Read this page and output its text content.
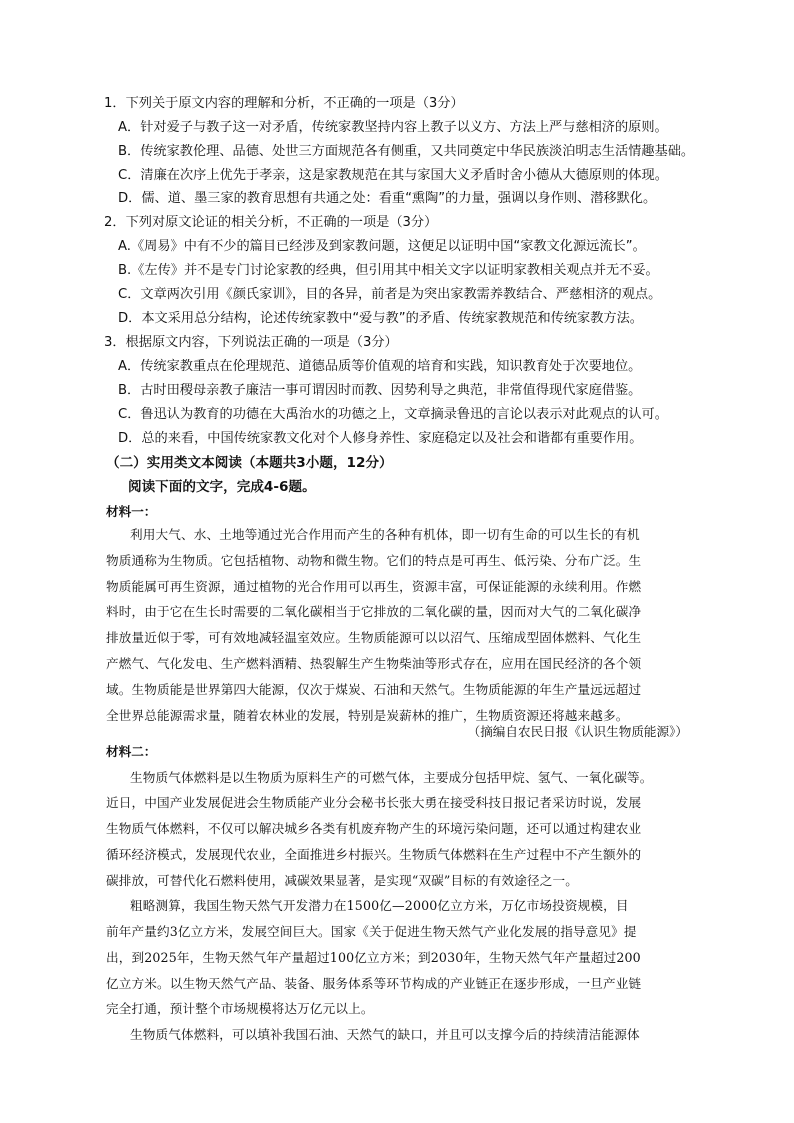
1．下列关于原文内容的理解和分析，不正确的一项是（3分）
A．针对爱子与教子这一对矛盾，传统家教坚持内容上教子以义方、方法上严与慈相济的原则。
B．传统家教伦理、品德、处世三方面规范各有侧重，又共同奠定中华民族淡泊明志生活情趣基础。
C．清廉在次序上优先于孝亲，这是家教规范在其与家国大义矛盾时舍小德从大德原则的体现。
D．儒、道、墨三家的教育思想有共通之处：看重“熏陶”的力量，强调以身作则、潜移默化。
2．下列对原文论证的相关分析，不正确的一项是（3分）
A.《周易》中有不少的篇目已经涉及到家教问题，这便足以证明中国“家教文化源远流长”。
B.《左传》并不是专门讨论家教的经典，但引用其中相关文字以证明家教相关观点并无不妥。
C．文章两次引用《颜氏家训》，目的各异，前者是为突出家教需养教结合、严慈相济的观点。
D．本文采用总分结构，论述传统家教中“爱与教”的矛盾、传统家教规范和传统家教方法。
3．根据原文内容，下列说法正确的一项是（3分）
A．传统家教重点在伦理规范、道德品质等价值观的培育和实践，知识教育处于次要地位。
B．古时田稷母亲教子廉洁一事可谓因时而教、因势利导之典范，非常值得现代家庭借鉴。
C．鲁迅认为教育的功德在大禹治水的功德之上，文章摘录鲁迅的言论以表示对此观点的认可。
D．总的来看，中国传统家教文化对个人修身养性、家庭稳定以及社会和谐都有重要作用。
（二）实用类文本阅读（本题共3小题，12分）
阅读下面的文字，完成4-6题。
材料一：
利用大气、水、土地等通过光合作用而产生的各种有机体，即一切有生命的可以生长的有机
物质通称为生物质。它包括植物、动物和微生物。它们的特点是可再生、低污染、分布广泛。生
物质能属可再生资源，通过植物的光合作用可以再生，资源丰富，可保证能源的永续利用。作燃
料时，由于它在生长时需要的二氧化碳相当于它排放的二氧化碳的量，因而对大气的二氧化碳净
排放量近似于零，可有效地减轻温室效应。生物质能源可以以沼气、压缩成型固体燃料、气化生
产燃气、气化发电、生产燃料酒精、热裂解生产生物柴油等形式存在，应用在国民经济的各个领
域。生物质能是世界第四大能源，仅次于煤炭、石油和天然气。生物质能源的年生产量远远超过
全世界总能源需求量，随着农林业的发展，特别是炭薪林的推广，生物质资源还将越来越多。
（摘编自农民日报《认识生物质能源》）
材料二：
生物质气体燃料是以生物质为原料生产的可燃气体，主要成分包括甲烷、氢气、一氧化碳等。
近日，中国产业发展促进会生物质能产业分会秘书长张大勇在接受科技日报记者采访时说，发展
生物质气体燃料，不仅可以解决城乡各类有机废弃物产生的环境污染问题，还可以通过构建农业
循环经济模式，发展现代农业，全面推进乡村振兴。生物质气体燃料在生产过程中不产生额外的
碳排放，可替代化石燃料使用，减碳效果显著，是实现“双碳”目标的有效途径之一。
粗略测算，我国生物天然气开发潜力在1500亿—2000亿立方米，万亿市场投资规模，目
前年产量约3亿立方米，发展空间巨大。国家《关于促进生物天然气产业化发展的指导意见》提
出，到2025年，生物天然气年产量超过100亿立方米；到2030年，生物天然气年产量超过200
亿立方米。以生物天然气产品、装备、服务体系等环节构成的产业链正在逐步形成，一旦产业链
完全打通，预计整个市场规模将达万亿元以上。
生物质气体燃料，可以填补我国石油、天然气的缺口，并且可以支撑今后的持续清洁能源体
